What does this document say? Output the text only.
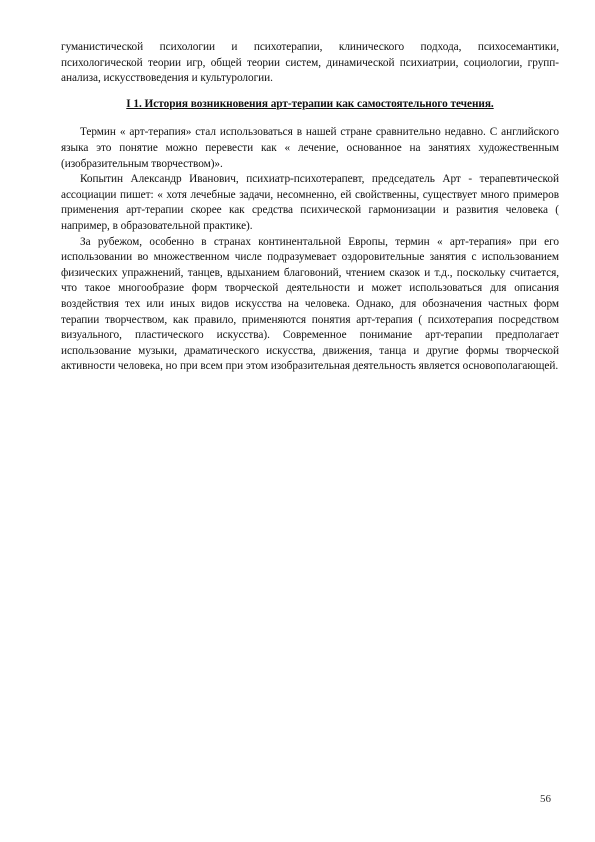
гуманистической психологии и психотерапии, клинического подхода, психосемантики, психологической теории игр, общей теории систем, динамической психиатрии, социологии, групп-анализа, искусствоведения и культурологии.

I 1. История возникновения арт-терапии как самостоятельного течения.

Термин « арт-терапия» стал использоваться в нашей стране сравнительно недавно. С английского языка это понятие можно перевести как « лечение, основанное на занятиях художественным (изобразительным творчеством)».

Копытин Александр Иванович, психиатр-психотерапевт, председатель Арт - терапевтической ассоциации пишет: « хотя лечебные задачи, несомненно, ей свойственны, существует много примеров применения арт-терапии скорее как средства психической гармонизации и развития человека ( например, в образовательной практике).

За рубежом, особенно в странах континентальной Европы, термин « арт-терапия» при его использовании во множественном числе подразумевает оздоровительные занятия с использованием физических упражнений, танцев, вдыханием благовоний, чтением сказок и т.д., поскольку считается, что такое многообразие форм творческой деятельности и может использоваться для описания воздействия тех или иных видов искусства на человека. Однако, для обозначения частных форм терапии творчеством, как правило, применяются понятия арт-терапия ( психотерапия посредством визуального, пластического искусства). Современное понимание арт-терапии предполагает использование музыки, драматического искусства, движения, танца и другие формы творческой активности человека, но при всем при этом изобразительная деятельность является основополагающей.

56
